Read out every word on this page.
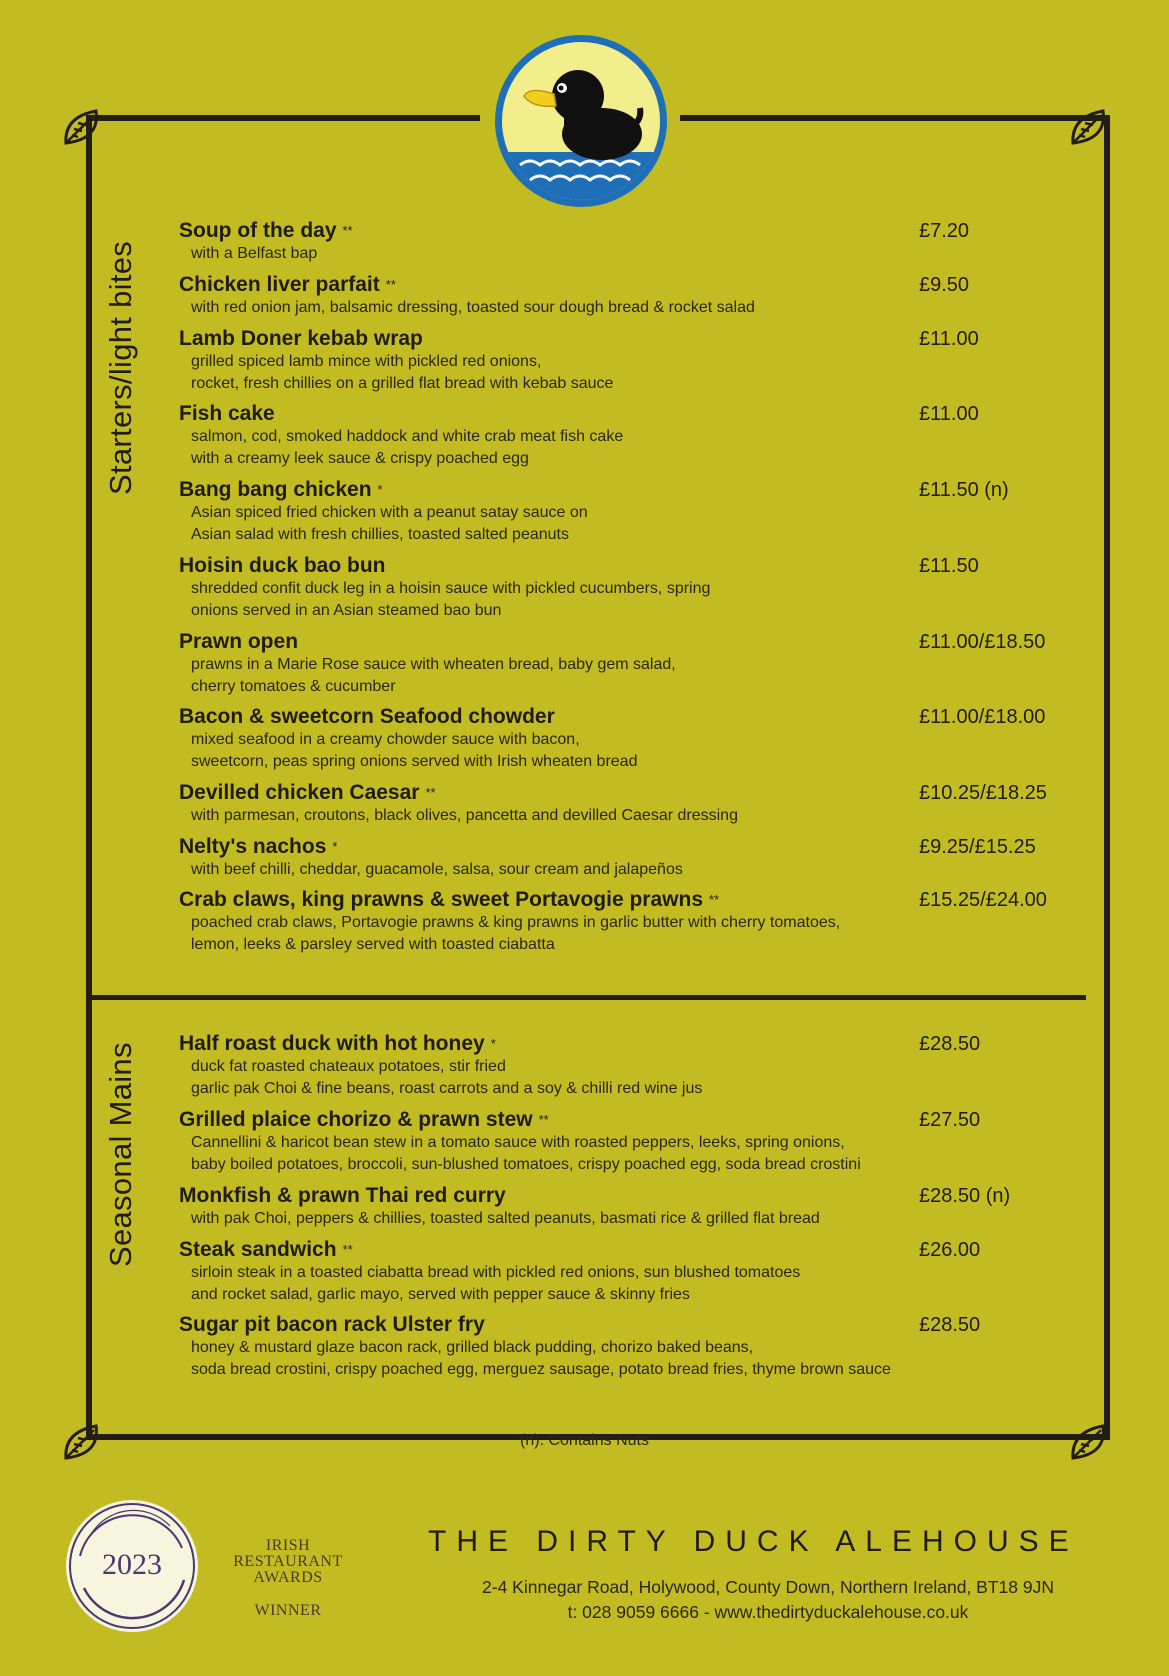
Starters/light bites
Seasonal Mains
Soup of the day **
with a Belfast bap
£7.20
Chicken liver parfait **
with red onion jam, balsamic dressing, toasted sour dough bread & rocket salad
£9.50
Lamb Doner kebab wrap
grilled spiced lamb mince with pickled red onions,
rocket, fresh chillies on a grilled flat bread with kebab sauce
£11.00
Fish cake
salmon, cod, smoked haddock and white crab meat fish cake
with a creamy leek sauce & crispy poached egg
£11.00
Bang bang chicken *
Asian spiced fried chicken with a peanut satay sauce on
Asian salad with fresh chillies, toasted salted peanuts
£11.50 (n)
Hoisin duck bao bun
shredded confit duck leg in a hoisin sauce with pickled cucumbers, spring
onions served in an Asian steamed bao bun
£11.50
Prawn open
prawns in a Marie Rose sauce with wheaten bread, baby gem salad,
cherry tomatoes & cucumber
£11.00/£18.50
Bacon & sweetcorn Seafood chowder
mixed seafood in a creamy chowder sauce with bacon,
sweetcorn, peas spring onions served with Irish wheaten bread
£11.00/£18.00
Devilled chicken Caesar **
with parmesan, croutons, black olives, pancetta and devilled Caesar dressing
£10.25/£18.25
Nelty's nachos *
with beef chilli, cheddar, guacamole, salsa, sour cream and jalapeños
£9.25/£15.25
Crab claws, king prawns & sweet Portavogie prawns **
poached crab claws, Portavogie prawns & king prawns in garlic butter with cherry tomatoes,
lemon, leeks & parsley served with toasted ciabatta
£15.25/£24.00
Half roast duck with hot honey *
duck fat roasted chateaux potatoes, stir fried
garlic pak Choi & fine beans, roast carrots and a soy & chilli red wine jus
£28.50
Grilled plaice chorizo & prawn stew **
Cannellini & haricot bean stew in a tomato sauce with roasted peppers, leeks, spring onions,
baby boiled potatoes, broccoli, sun-blushed tomatoes, crispy poached egg, soda bread crostini
£27.50
Monkfish & prawn Thai red curry
with pak Choi, peppers & chillies, toasted salted peanuts, basmati rice & grilled flat bread
£28.50 (n)
Steak sandwich **
sirloin steak in a toasted ciabatta bread with pickled red onions, sun blushed tomatoes
and rocket salad, garlic mayo, served with pepper sauce & skinny fries
£26.00
Sugar pit bacon rack Ulster fry
honey & mustard glaze bacon rack, grilled black pudding, chorizo baked beans,
soda bread crostini, crispy poached egg, merguez sausage, potato bread fries, thyme brown sauce
£28.50
(n): Contains Nuts
2023
IRISH
RESTAURANT
AWARDS
WINNER
THE DIRTY DUCK ALEHOUSE
2-4 Kinnegar Road, Holywood, County Down, Northern Ireland, BT18 9JN
t: 028 9059 6666 - www.thedirtyduckalehouse.co.uk
